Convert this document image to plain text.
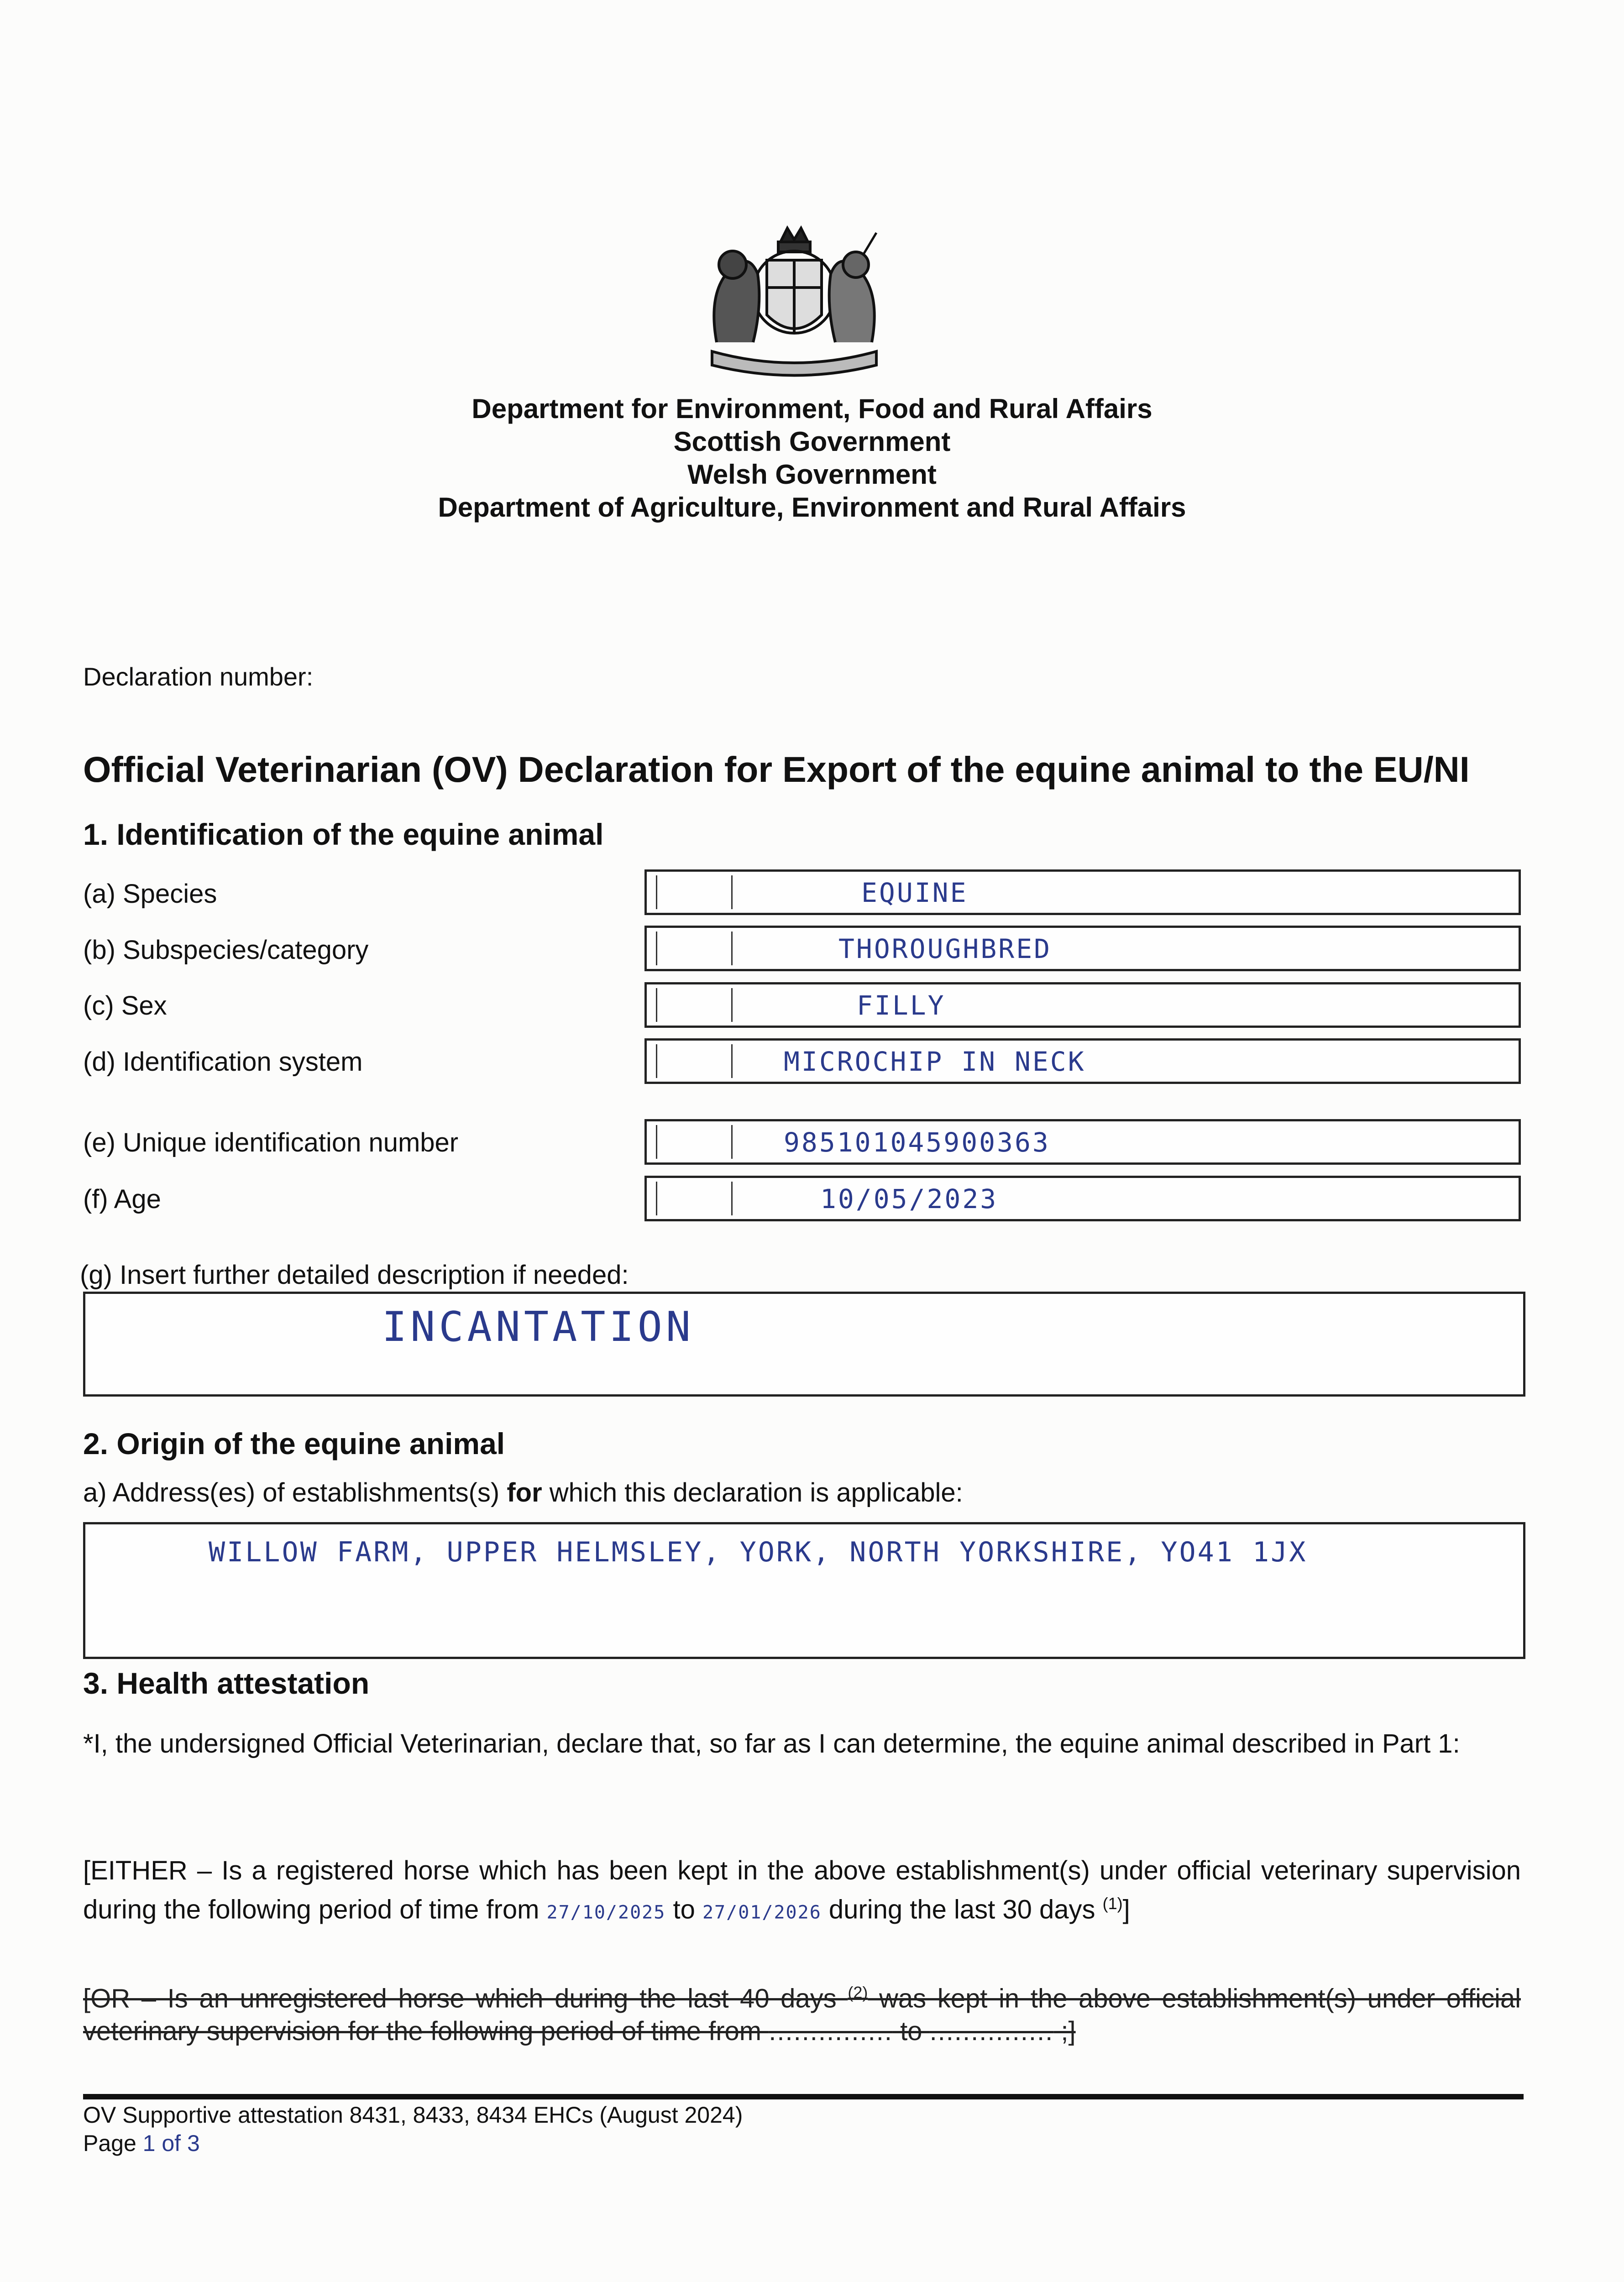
Department for Environment, Food and Rural Affairs
Scottish Government
Welsh Government
Department of Agriculture, Environment and Rural Affairs
Declaration number:
Official Veterinarian (OV) Declaration for Export of the equine animal to the EU/NI
1. Identification of the equine animal
(a) Species	EQUINE
(b) Subspecies/category	THOROUGHBRED
(c) Sex	FILLY
(d) Identification system	MICROCHIP IN NECK
(e) Unique identification number	985101045900363
(f) Age	10/05/2023
(g) Insert further detailed description if needed:
INCANTATION
2. Origin of the equine animal
a) Address(es) of establishments(s) for which this declaration is applicable:
WILLOW FARM, UPPER HELMSLEY, YORK, NORTH YORKSHIRE, YO41 1JX
3. Health attestation
*I, the undersigned Official Veterinarian, declare that, so far as I can determine, the equine animal described in Part 1:
[EITHER – Is a registered horse which has been kept in the above establishment(s) under official veterinary supervision during the following period of time from 27/10/2025 to 27/01/2026 during the last 30 days $^{(1)}$]
[OR – Is an unregistered horse which during the last 40 days $^{(2)}$ was kept in the above establishment(s) under official veterinary supervision for the following period of time from ............... to ............... ;]
OV Supportive attestation 8431, 8433, 8434 EHCs (August 2024)
Page 1 of 3
